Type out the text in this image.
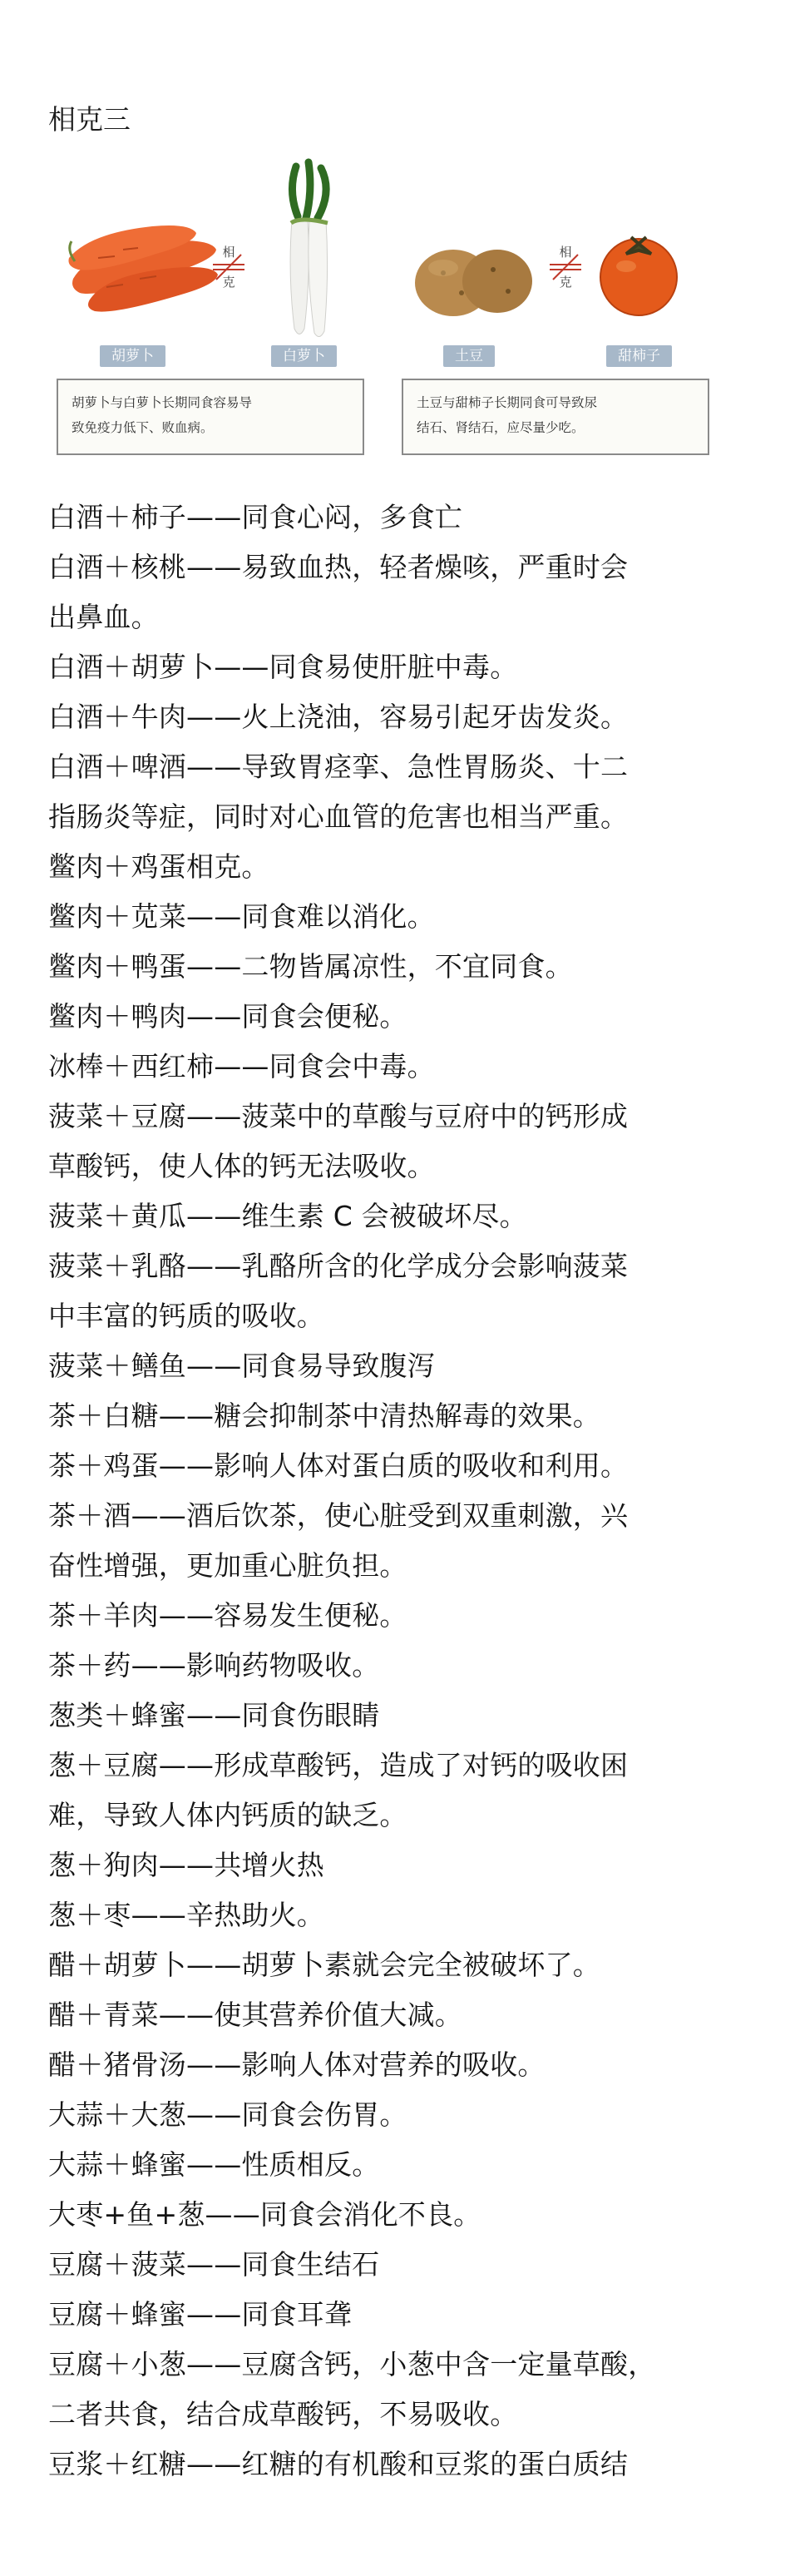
相克三
相
克
胡萝卜	白萝卜
胡萝卜与白萝卜长期同食容易导
致免疫力低下、败血病。
相
克
土豆	甜柿子
土豆与甜柿子长期同食可导致尿
结石、肾结石，应尽量少吃。
白酒＋柿子——同食心闷，多食亡
白酒＋核桃——易致血热，轻者燥咳，严重时会
出鼻血。
白酒＋胡萝卜——同食易使肝脏中毒。
白酒＋牛肉——火上浇油，容易引起牙齿发炎。
白酒＋啤酒——导致胃痉挛、急性胃肠炎、十二
指肠炎等症，同时对心血管的危害也相当严重。
鳖肉＋鸡蛋相克。
鳖肉＋苋菜——同食难以消化。
鳖肉＋鸭蛋——二物皆属凉性，不宜同食。
鳖肉＋鸭肉——同食会便秘。
冰棒＋西红柿——同食会中毒。
菠菜＋豆腐——菠菜中的草酸与豆府中的钙形成
草酸钙，使人体的钙无法吸收。
菠菜＋黄瓜——维生素 C 会被破坏尽。
菠菜＋乳酪——乳酪所含的化学成分会影响菠菜
中丰富的钙质的吸收。
菠菜＋鳝鱼——同食易导致腹泻
茶＋白糖——糖会抑制茶中清热解毒的效果。
茶＋鸡蛋——影响人体对蛋白质的吸收和利用。
茶＋酒——酒后饮茶，使心脏受到双重刺激，兴
奋性增强，更加重心脏负担。
茶＋羊肉——容易发生便秘。
茶＋药——影响药物吸收。
葱类＋蜂蜜——同食伤眼睛
葱＋豆腐——形成草酸钙，造成了对钙的吸收困
难，导致人体内钙质的缺乏。
葱＋狗肉——共增火热
葱＋枣——辛热助火。
醋＋胡萝卜——胡萝卜素就会完全被破坏了。
醋＋青菜——使其营养价值大减。
醋＋猪骨汤——影响人体对营养的吸收。
大蒜＋大葱——同食会伤胃。
大蒜＋蜂蜜——性质相反。
大枣+鱼+葱——同食会消化不良。
豆腐＋菠菜——同食生结石
豆腐＋蜂蜜——同食耳聋
豆腐＋小葱——豆腐含钙，小葱中含一定量草酸，
二者共食，结合成草酸钙，不易吸收。
豆浆＋红糖——红糖的有机酸和豆浆的蛋白质结
